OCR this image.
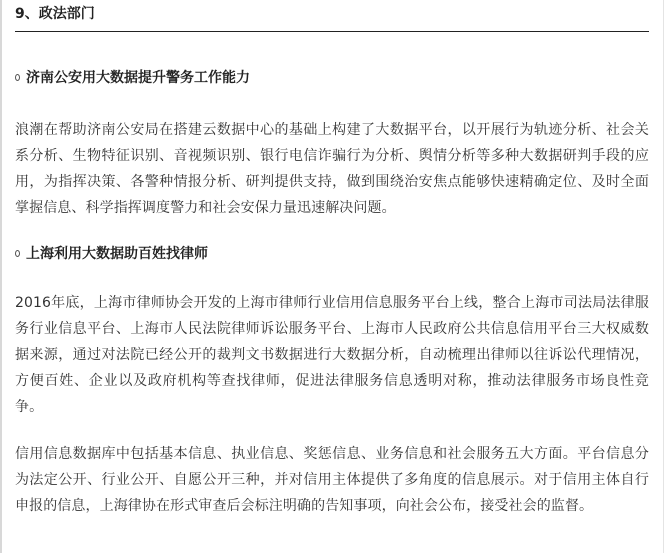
9、政法部门
济南公安用大数据提升警务工作能力
浪潮在帮助济南公安局在搭建云数据中心的基础上构建了大数据平台，以开展行为轨迹分析、社会关系分析、生物特征识别、音视频识别、银行电信诈骗行为分析、舆情分析等多种大数据研判手段的应用，为指挥决策、各警种情报分析、研判提供支持，做到围绕治安焦点能够快速精确定位、及时全面掌握信息、科学指挥调度警力和社会安保力量迅速解决问题。
上海利用大数据助百姓找律师
2016年底，上海市律师协会开发的上海市律师行业信用信息服务平台上线，整合上海市司法局法律服务行业信息平台、上海市人民法院律师诉讼服务平台、上海市人民政府公共信息信用平台三大权威数据来源，通过对法院已经公开的裁判文书数据进行大数据分析，自动梳理出律师以往诉讼代理情况，方便百姓、企业以及政府机构等查找律师，促进法律服务信息透明对称，推动法律服务市场良性竞争。
信用信息数据库中包括基本信息、执业信息、奖惩信息、业务信息和社会服务五大方面。平台信息分为法定公开、行业公开、自愿公开三种，并对信用主体提供了多角度的信息展示。对于信用主体自行申报的信息，上海律协在形式审查后会标注明确的告知事项，向社会公布，接受社会的监督。
